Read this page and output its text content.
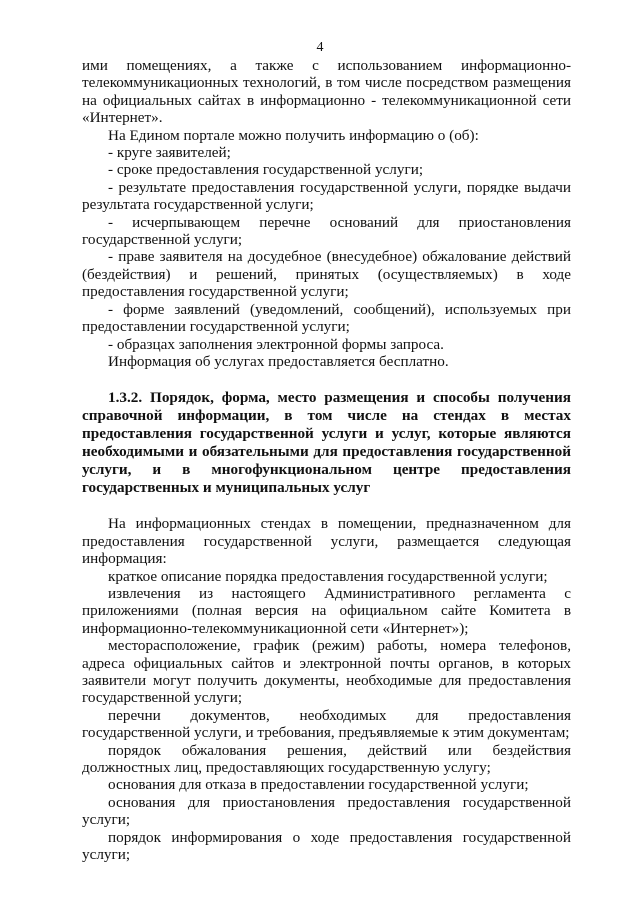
4

ими помещениях, а также с использованием информационно-телекоммуникационных технологий, в том числе посредством размещения на официальных сайтах в информационно - телекоммуникационной сети «Интернет».

На Едином портале можно получить информацию о (об):

- круге заявителей;

- сроке предоставления государственной услуги;

- результате предоставления государственной услуги, порядке выдачи результата государственной услуги;

- исчерпывающем перечне оснований для приостановления государственной услуги;

- праве заявителя на досудебное (внесудебное) обжалование действий (бездействия) и решений, принятых (осуществляемых) в ходе предоставления государственной услуги;

- форме заявлений (уведомлений, сообщений), используемых при предоставлении государственной услуги;

- образцах заполнения электронной формы запроса.

Информация об услугах предоставляется бесплатно.

1.3.2. Порядок, форма, место размещения и способы получения справочной информации, в том числе на стендах в местах предоставления государственной услуги и услуг, которые являются необходимыми и обязательными для предоставления государственной услуги, и в многофункциональном центре предоставления государственных и муниципальных услуг

На информационных стендах в помещении, предназначенном для предоставления государственной услуги, размещается следующая информация:

краткое описание порядка предоставления государственной услуги;

извлечения из настоящего Административного регламента с приложениями (полная версия на официальном сайте Комитета в информационно-телекоммуникационной сети «Интернет»);

месторасположение, график (режим) работы, номера телефонов, адреса официальных сайтов и электронной почты органов, в которых заявители могут получить документы, необходимые для предоставления государственной услуги;

перечни документов, необходимых для предоставления государственной услуги, и требования, предъявляемые к этим документам;

порядок обжалования решения, действий или бездействия должностных лиц, предоставляющих государственную услугу;

основания для отказа в предоставлении государственной услуги;

основания для приостановления предоставления государственной услуги;

порядок информирования о ходе предоставления государственной услуги;
